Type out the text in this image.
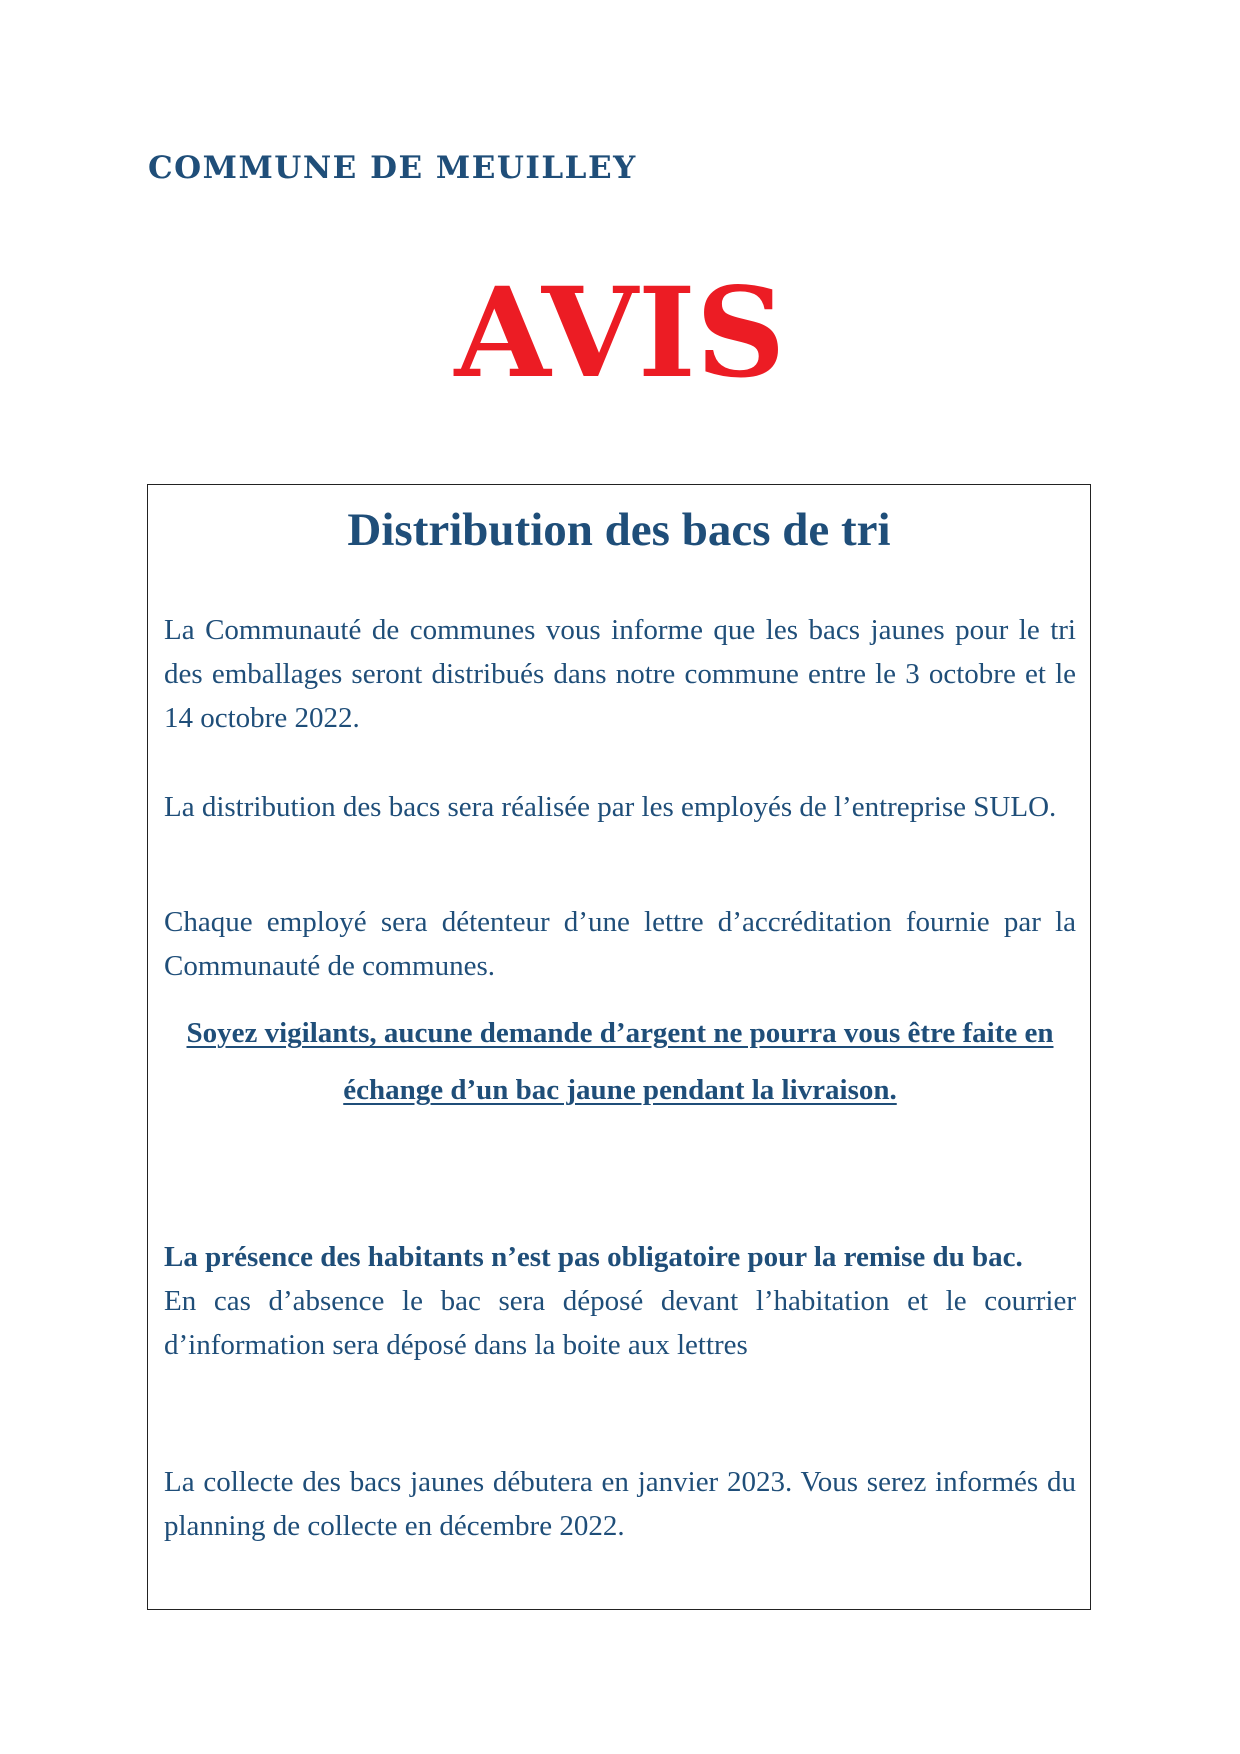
COMMUNE DE MEUILLEY
AVIS
Distribution des bacs de tri

La Communauté de communes vous informe que les bacs jaunes pour le tri des emballages seront distribués dans notre commune entre le 3 octobre et le 14 octobre 2022.

La distribution des bacs sera réalisée par les employés de l’entreprise SULO.

Chaque employé sera détenteur d’une lettre d’accréditation fournie par la Communauté de communes.

Soyez vigilants, aucune demande d’argent ne pourra vous être faite en échange d’un bac jaune pendant la livraison.

La présence des habitants n’est pas obligatoire pour la remise du bac.
En cas d’absence le bac sera déposé devant l’habitation et le courrier d’information sera déposé dans la boite aux lettres

La collecte des bacs jaunes débutera en janvier 2023. Vous serez informés du planning de collecte en décembre 2022.
